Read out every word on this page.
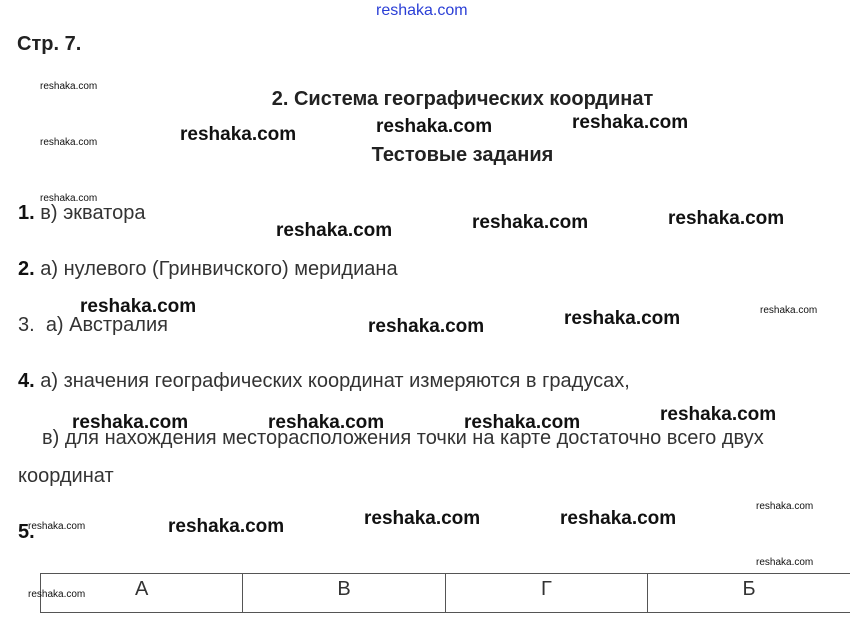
reshaka.com
Стр. 7.
2. Система географических координат
Тестовые задания
1. в) экватора
2. а) нулевого (Гринвичского) меридиана
3. а) Австралия
4. а) значения географических координат измеряются в градусах,
в) для нахождения месторасположения точки на карте достаточно всего двух
координат
5.
А	В	Г	Б
reshaka.com
reshaka.com
reshaka.com
reshaka.com
reshaka.com
reshaka.com
reshaka.com
reshaka.com
reshaka.com	reshaka.com	reshaka.com
reshaka.com	reshaka.com	reshaka.com
reshaka.com
reshaka.com	reshaka.com
reshaka.com	reshaka.com	reshaka.com	reshaka.com
reshaka.com	reshaka.com	reshaka.com
